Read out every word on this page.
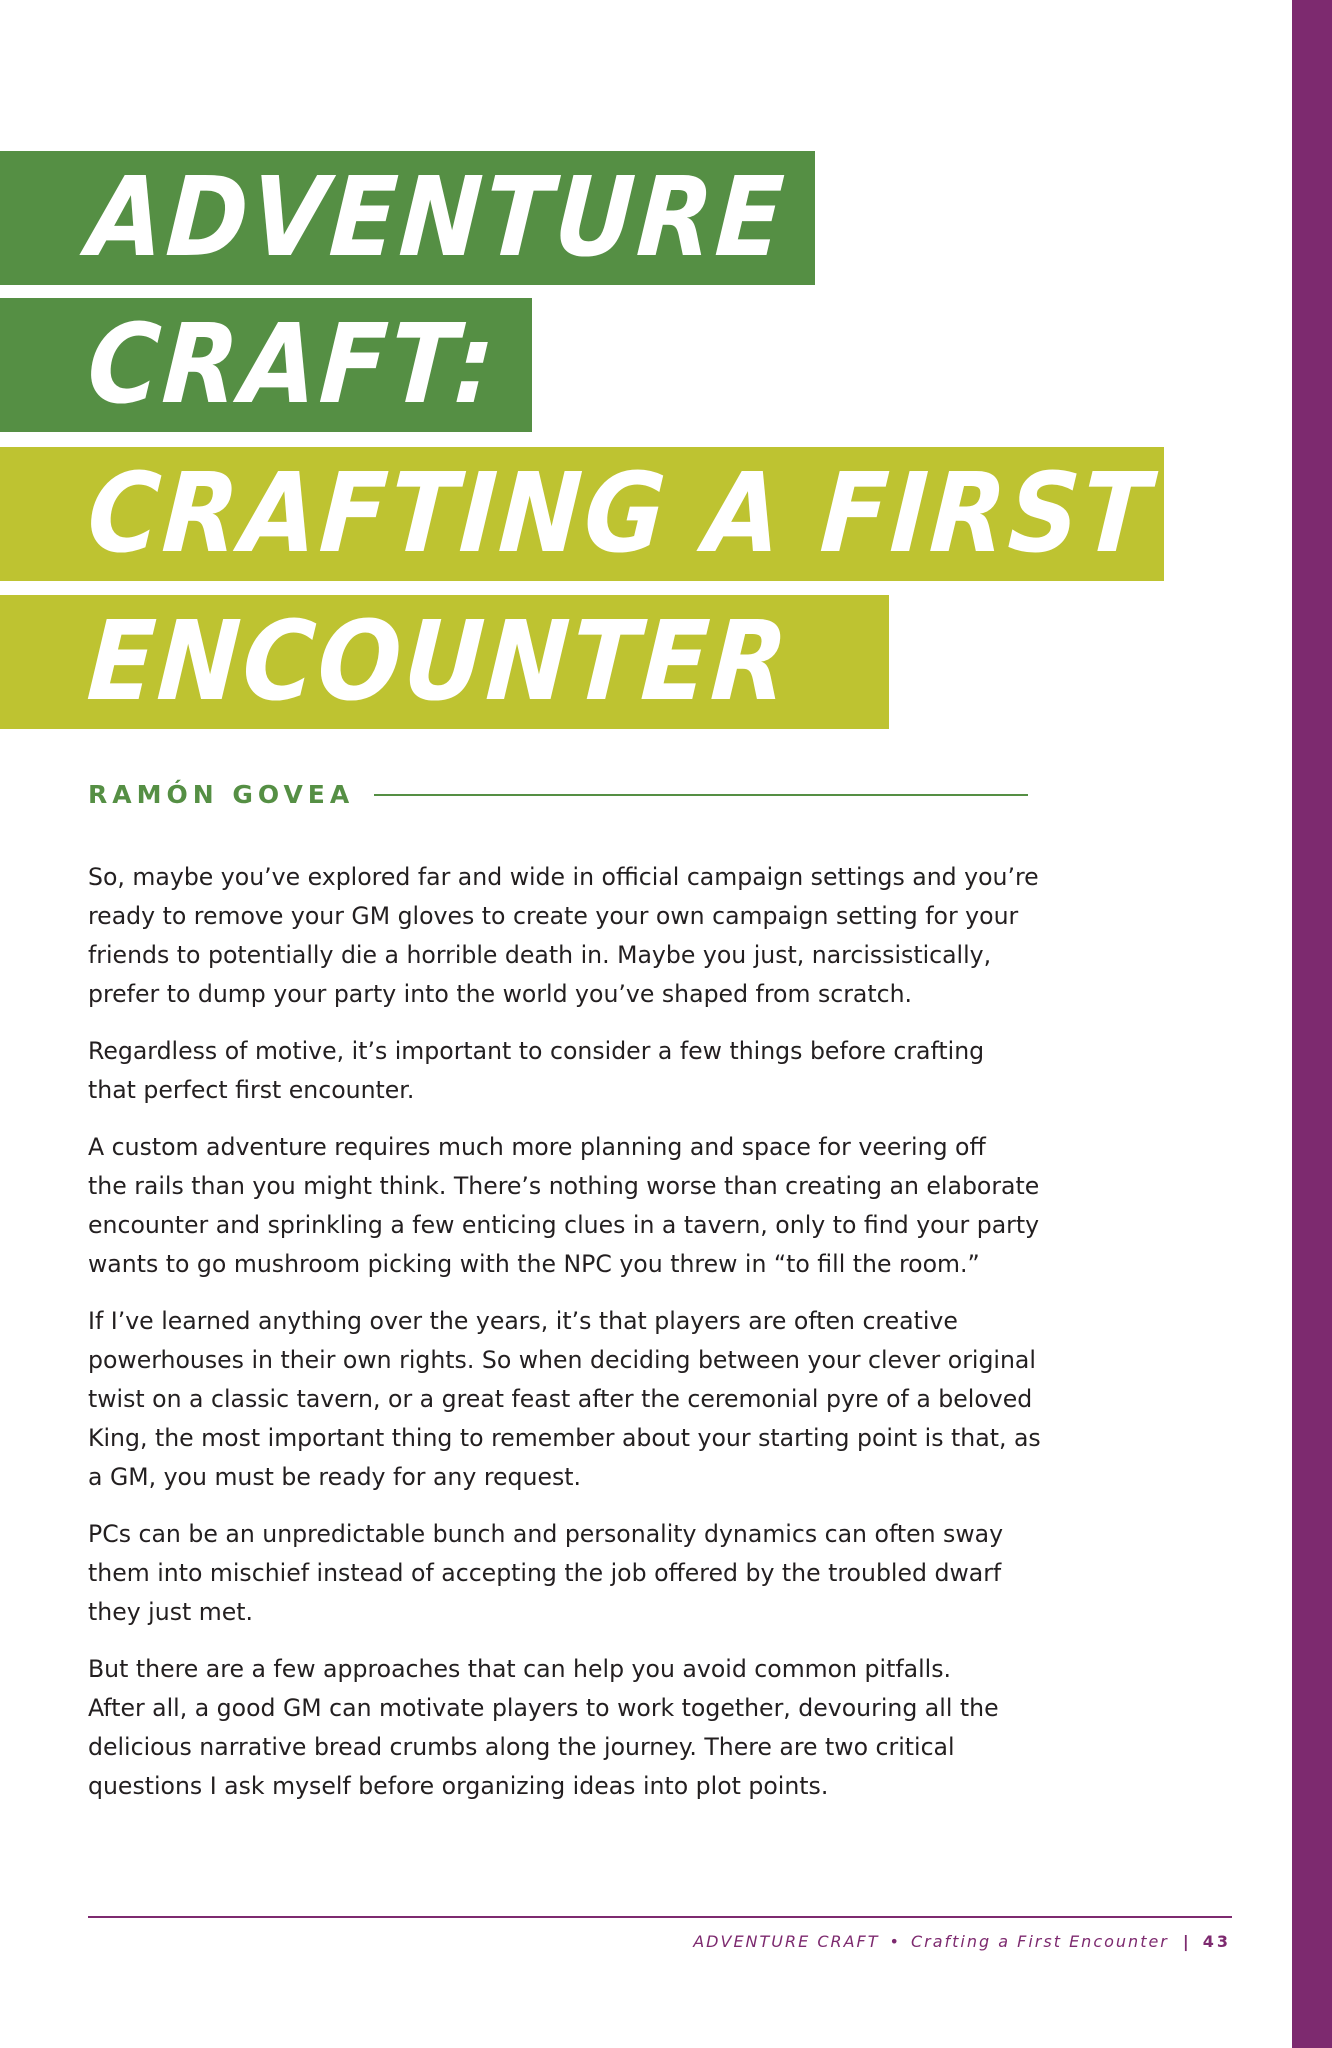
ADVENTURE
CRAFT:
CRAFTING A FIRST
ENCOUNTER
RAMÓN GOVEA

So, maybe you’ve explored far and wide in official campaign settings and you’re
ready to remove your GM gloves to create your own campaign setting for your
friends to potentially die a horrible death in. Maybe you just, narcissistically,
prefer to dump your party into the world you’ve shaped from scratch.

Regardless of motive, it’s important to consider a few things before crafting
that perfect first encounter.

A custom adventure requires much more planning and space for veering off
the rails than you might think. There’s nothing worse than creating an elaborate
encounter and sprinkling a few enticing clues in a tavern, only to find your party
wants to go mushroom picking with the NPC you threw in “to fill the room.”

If I’ve learned anything over the years, it’s that players are often creative
powerhouses in their own rights. So when deciding between your clever original
twist on a classic tavern, or a great feast after the ceremonial pyre of a beloved
King, the most important thing to remember about your starting point is that, as
a GM, you must be ready for any request.

PCs can be an unpredictable bunch and personality dynamics can often sway
them into mischief instead of accepting the job offered by the troubled dwarf
they just met.

But there are a few approaches that can help you avoid common pitfalls.
After all, a good GM can motivate players to work together, devouring all the
delicious narrative bread crumbs along the journey. There are two critical
questions I ask myself before organizing ideas into plot points.

ADVENTURE CRAFT • Crafting a First Encounter | 43
